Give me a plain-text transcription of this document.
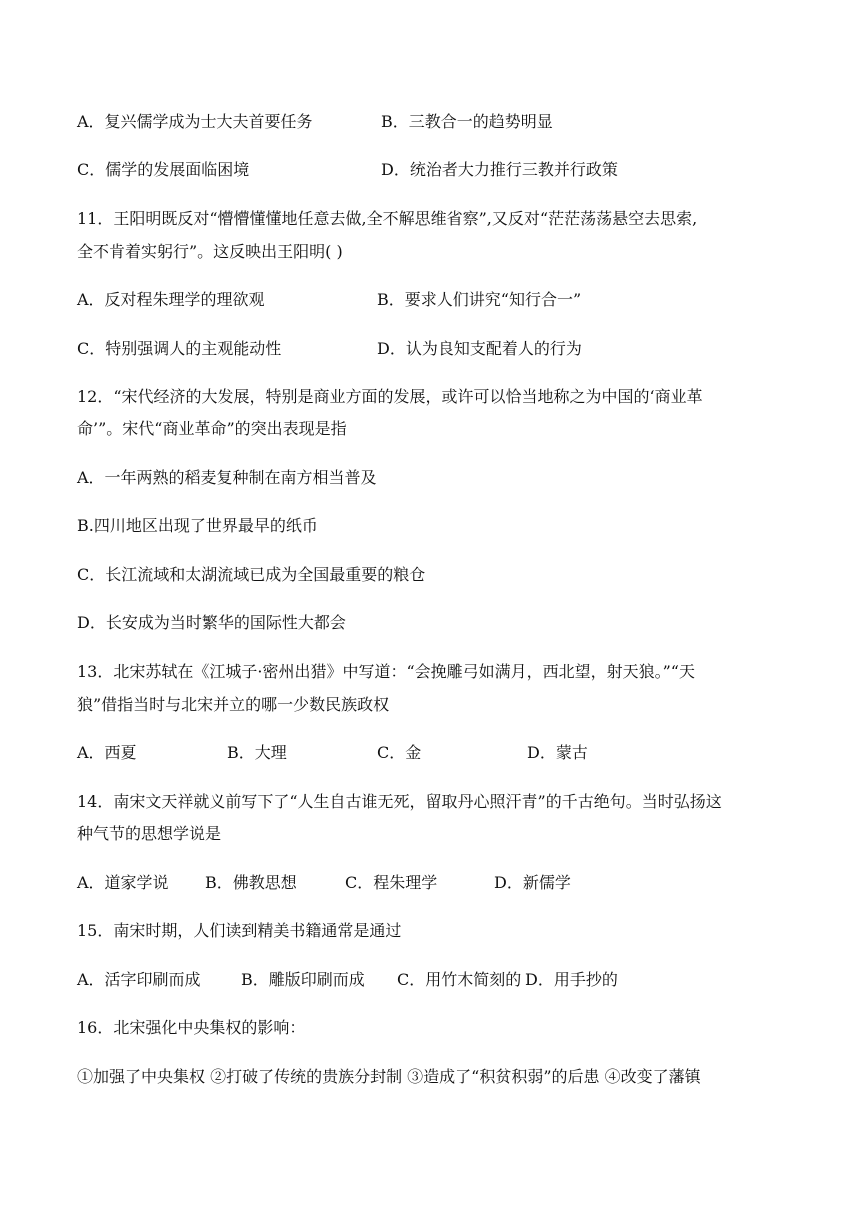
A．复兴儒学成为士大夫首要任务	B．三教合一的趋势明显
C．儒学的发展面临困境	D．统治者大力推行三教并行政策
11．王阳明既反对“懵懵懂懂地任意去做,全不解思维省察”,又反对“茫茫荡荡悬空去思索,
全不肯着实躬行”。这反映出王阳明( )
A．反对程朱理学的理欲观	B．要求人们讲究“知行合一”
C．特别强调人的主观能动性	D．认为良知支配着人的行为
12．“宋代经济的大发展，特别是商业方面的发展，或许可以恰当地称之为中国的‘商业革
命’”。宋代“商业革命”的突出表现是指
A．一年两熟的稻麦复种制在南方相当普及
B.四川地区出现了世界最早的纸币
C．长江流域和太湖流域已成为全国最重要的粮仓
D．长安成为当时繁华的国际性大都会
13．北宋苏轼在《江城子·密州出猎》中写道：“会挽雕弓如满月，西北望，射天狼。”“天
狼”借指当时与北宋并立的哪一少数民族政权
A．西夏	B．大理	C．金	D．蒙古
14．南宋文天祥就义前写下了“人生自古谁无死，留取丹心照汗青”的千古绝句。当时弘扬这
种气节的思想学说是
A．道家学说 B．佛教思想	C．程朱理学	D．新儒学
15．南宋时期，人们读到精美书籍通常是通过
A．活字印刷而成	B．雕版印刷而成 C．用竹木简刻的 D．用手抄的
16．北宋强化中央集权的影响：
①加强了中央集权 ②打破了传统的贵族分封制 ③造成了“积贫积弱”的后患 ④改变了藩镇
